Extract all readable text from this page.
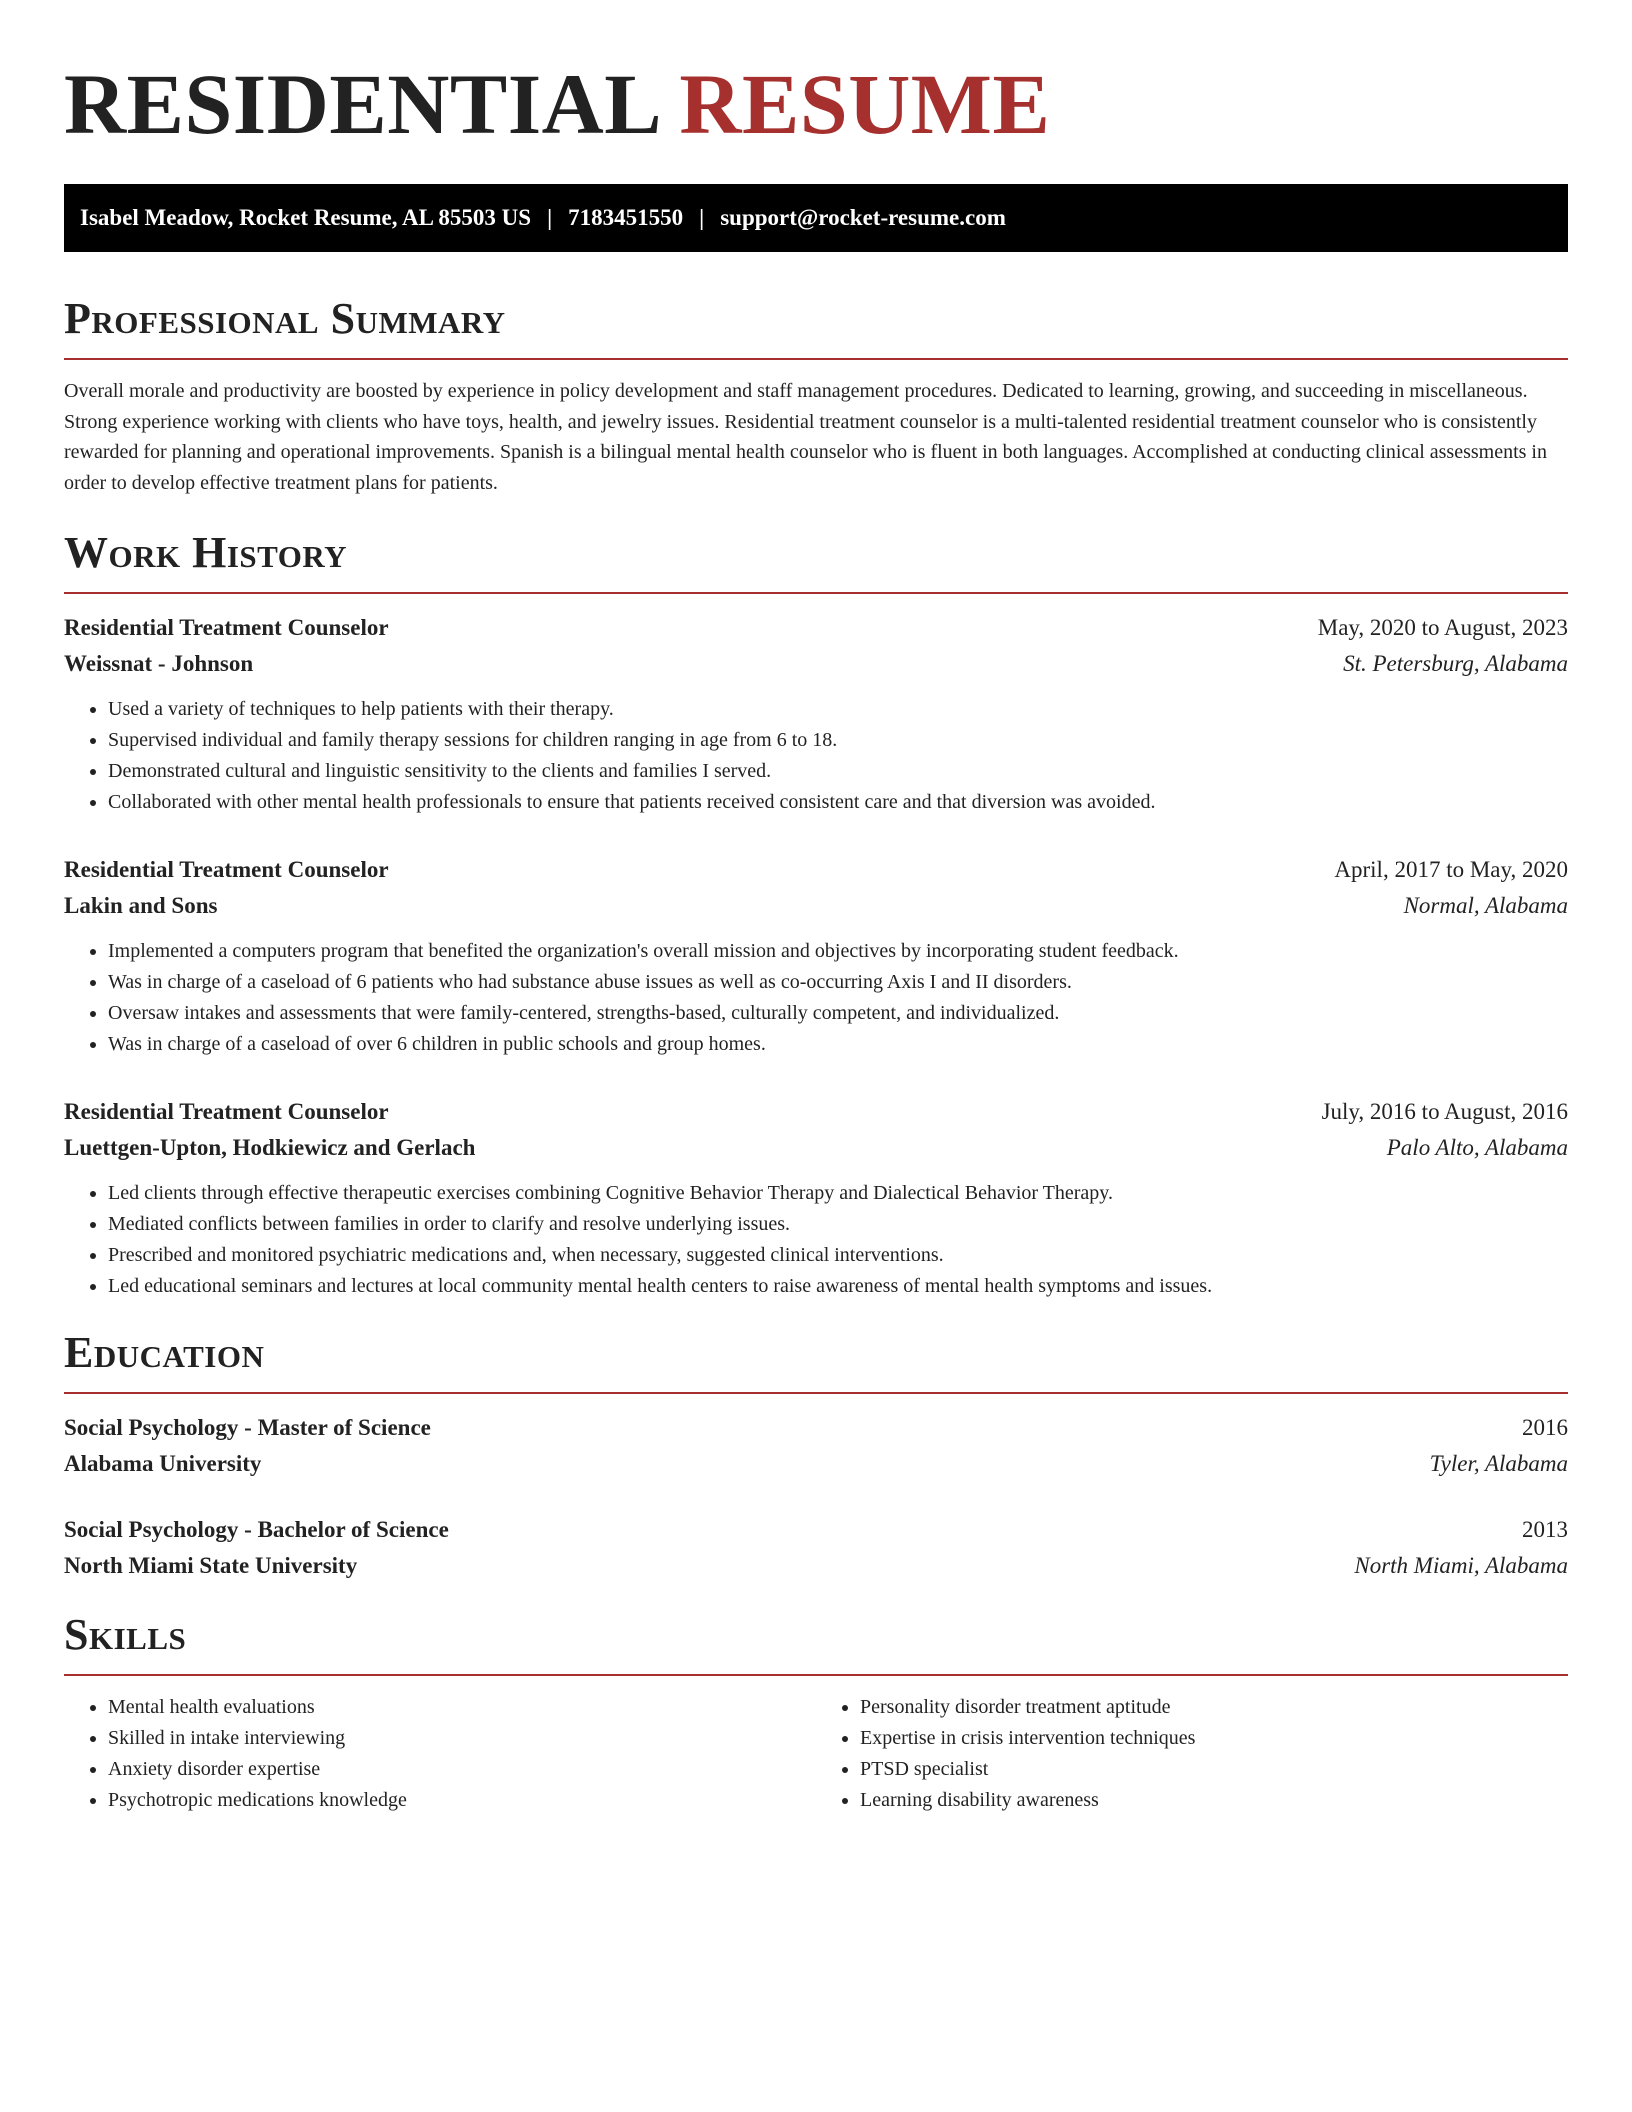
RESIDENTIAL RESUME
Isabel Meadow, Rocket Resume, AL 85503 US | 7183451550 | support@rocket-resume.com
Professional Summary

Overall morale and productivity are boosted by experience in policy development and staff management procedures. Dedicated to learning, growing, and succeeding in miscellaneous. Strong experience working with clients who have toys, health, and jewelry issues. Residential treatment counselor is a multi-talented residential treatment counselor who is consistently rewarded for planning and operational improvements. Spanish is a bilingual mental health counselor who is fluent in both languages. Accomplished at conducting clinical assessments in order to develop effective treatment plans for patients.

Work History
Residential Treatment Counselor	May, 2020 to August, 2023
Weissnat - Johnson	St. Petersburg, Alabama
• Used a variety of techniques to help patients with their therapy.
• Supervised individual and family therapy sessions for children ranging in age from 6 to 18.
• Demonstrated cultural and linguistic sensitivity to the clients and families I served.
• Collaborated with other mental health professionals to ensure that patients received consistent care and that diversion was avoided.
Residential Treatment Counselor	April, 2017 to May, 2020
Lakin and Sons	Normal, Alabama
• Implemented a computers program that benefited the organization's overall mission and objectives by incorporating student feedback.
• Was in charge of a caseload of 6 patients who had substance abuse issues as well as co-occurring Axis I and II disorders.
• Oversaw intakes and assessments that were family-centered, strengths-based, culturally competent, and individualized.
• Was in charge of a caseload of over 6 children in public schools and group homes.
Residential Treatment Counselor	July, 2016 to August, 2016
Luettgen-Upton, Hodkiewicz and Gerlach	Palo Alto, Alabama
• Led clients through effective therapeutic exercises combining Cognitive Behavior Therapy and Dialectical Behavior Therapy.
• Mediated conflicts between families in order to clarify and resolve underlying issues.
• Prescribed and monitored psychiatric medications and, when necessary, suggested clinical interventions.
• Led educational seminars and lectures at local community mental health centers to raise awareness of mental health symptoms and issues.
Education
Social Psychology - Master of Science	2016
Alabama University	Tyler, Alabama
Social Psychology - Bachelor of Science	2013
North Miami State University	North Miami, Alabama
Skills
• Mental health evaluations
• Skilled in intake interviewing
• Anxiety disorder expertise
• Psychotropic medications knowledge
• Personality disorder treatment aptitude
• Expertise in crisis intervention techniques
• PTSD specialist
• Learning disability awareness
